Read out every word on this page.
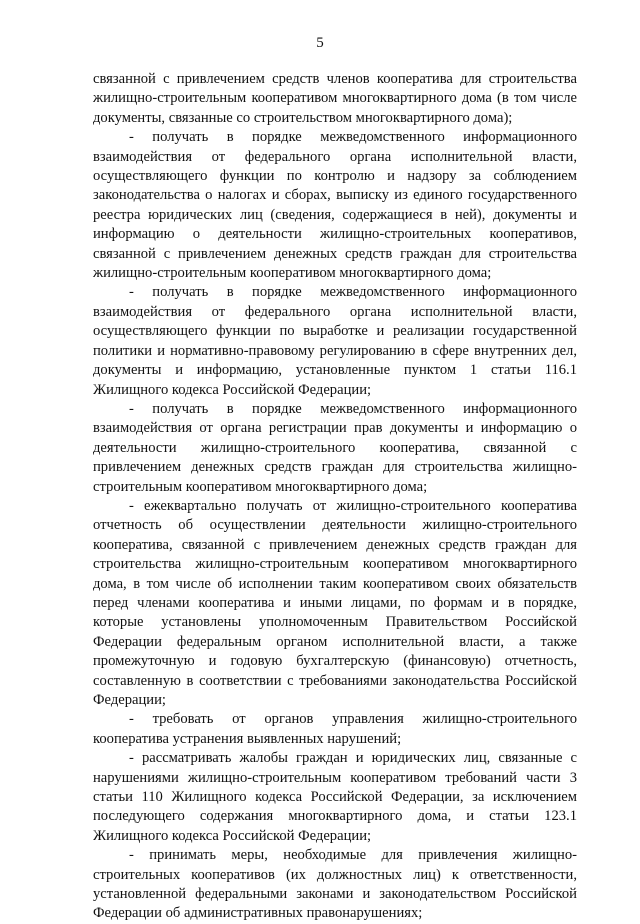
5

связанной с привлечением средств членов кооператива для строительства жилищно-строительным кооперативом многоквартирного дома (в том числе документы, связанные со строительством многоквартирного дома);

- получать в порядке межведомственного информационного взаимодействия от федерального органа исполнительной власти, осуществляющего функции по контролю и надзору за соблюдением законодательства о налогах и сборах, выписку из единого государственного реестра юридических лиц (сведения, содержащиеся в ней), документы и информацию о деятельности жилищно-строительных кооперативов, связанной с привлечением денежных средств граждан для строительства жилищно-строительным кооперативом многоквартирного дома;

- получать в порядке межведомственного информационного взаимодействия от федерального органа исполнительной власти, осуществляющего функции по выработке и реализации государственной политики и нормативно-правовому регулированию в сфере внутренних дел, документы и информацию, установленные пунктом 1 статьи 116.1 Жилищного кодекса Российской Федерации;

- получать в порядке межведомственного информационного взаимодействия от органа регистрации прав документы и информацию о деятельности жилищно-строительного кооператива, связанной с привлечением денежных средств граждан для строительства жилищно-строительным кооперативом многоквартирного дома;

- ежеквартально получать от жилищно-строительного кооператива отчетность об осуществлении деятельности жилищно-строительного кооператива, связанной с привлечением денежных средств граждан для строительства жилищно-строительным кооперативом многоквартирного дома, в том числе об исполнении таким кооперативом своих обязательств перед членами кооператива и иными лицами, по формам и в порядке, которые установлены уполномоченным Правительством Российской Федерации федеральным органом исполнительной власти, а также промежуточную и годовую бухгалтерскую (финансовую) отчетность, составленную в соответствии с требованиями законодательства Российской Федерации;

- требовать от органов управления жилищно-строительного кооператива устранения выявленных нарушений;

- рассматривать жалобы граждан и юридических лиц, связанные с нарушениями жилищно-строительным кооперативом требований части 3 статьи 110 Жилищного кодекса Российской Федерации, за исключением последующего содержания многоквартирного дома, и статьи 123.1 Жилищного кодекса Российской Федерации;

- принимать меры, необходимые для привлечения жилищно-строительных кооперативов (их должностных лиц) к ответственности, установленной федеральными законами и законодательством Российской Федерации об административных правонарушениях;
